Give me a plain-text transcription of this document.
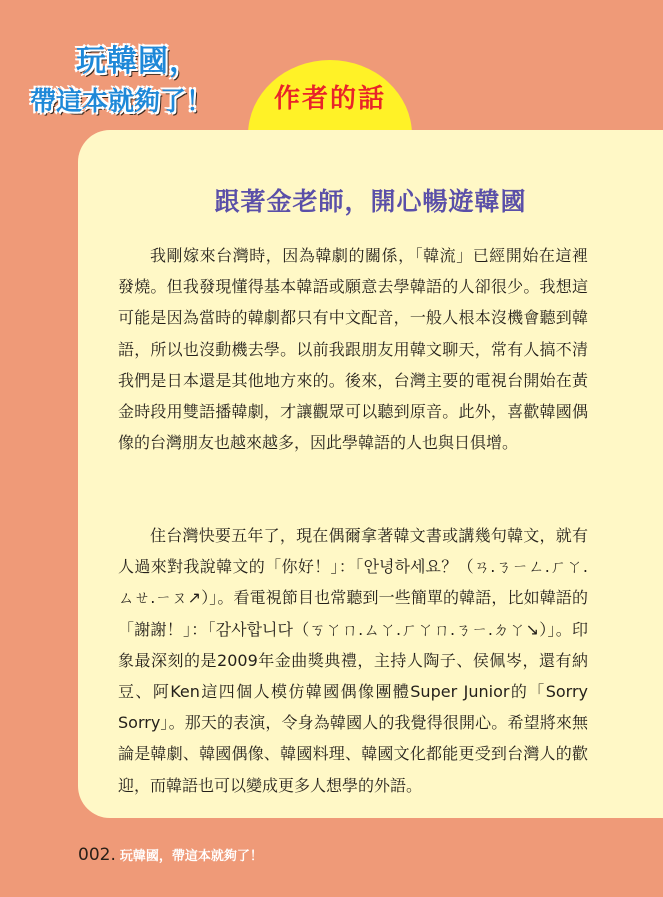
玩韓國，
帶這本就夠了！	作者的話
跟著金老師，開心暢遊韓國

我剛嫁來台灣時，因為韓劇的關係，「韓流」已經開始在這裡發燒。但我發現懂得基本韓語或願意去學韓語的人卻很少。我想這可能是因為當時的韓劇都只有中文配音，一般人根本沒機會聽到韓語，所以也沒動機去學。以前我跟朋友用韓文聊天，常有人搞不清我們是日本還是其他地方來的。後來，台灣主要的電視台開始在黃金時段用雙語播韓劇，才讓觀眾可以聽到原音。此外，喜歡韓國偶像的台灣朋友也越來越多，因此學韓語的人也與日俱增。

住台灣快要五年了，現在偶爾拿著韓文書或講幾句韓文，就有人過來對我說韓文的「你好！」：「안녕하세요？（ㄢ.ㄋㄧㄥ.ㄏㄚ.ㄙㄝ.ㄧㄡ↗）」。看電視節目也常聽到一些簡單的韓語，比如韓語的「謝謝！」：「감사합니다（ㄎㄚㄇ.ㄙㄚ.ㄏㄚㄇ.ㄋㄧ.ㄉㄚ↘）」。印象最深刻的是2009年金曲獎典禮，主持人陶子、侯佩岑，還有納豆、阿Ken這四個人模仿韓國偶像團體Super Junior的「Sorry Sorry」。那天的表演，令身為韓國人的我覺得很開心。希望將來無論是韓劇、韓國偶像、韓國料理、韓國文化都能更受到台灣人的歡迎，而韓語也可以變成更多人想學的外語。

002. 玩韓國，帶這本就夠了！
